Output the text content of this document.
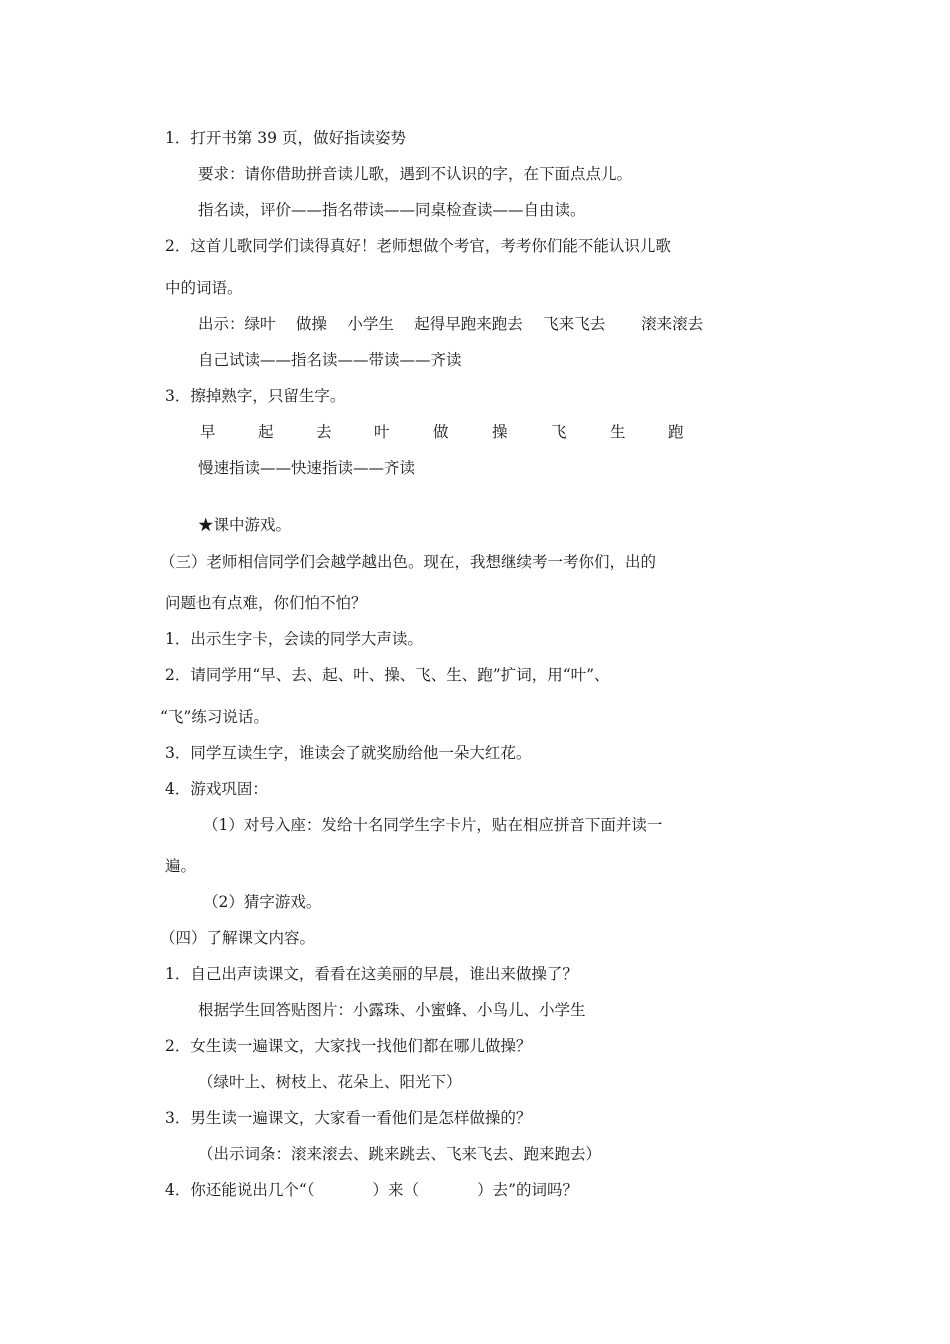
1．打开书第 39 页，做好指读姿势
要求：请你借助拼音读儿歌，遇到不认识的字，在下面点点儿。
指名读，评价——指名带读——同桌检查读——自由读。
2．这首儿歌同学们读得真好！老师想做个考官，考考你们能不能认识儿歌
中的词语。
出示：绿叶　 做操 　小学生　 起得早跑来跑去 　飞来飞去　 　滚来滚去
自己试读——指名读——带读——齐读
3．擦掉熟字，只留生字。
早	起	去	叶	做	操	飞	生	跑
慢速指读——快速指读——齐读
★课中游戏。
（三）老师相信同学们会越学越出色。现在，我想继续考一考你们，出的
问题也有点难，你们怕不怕？
1．出示生字卡，会读的同学大声读。
2．请同学用“早、去、起、叶、操、飞、生、跑”扩词，用“叶”、
“飞”练习说话。
3．同学互读生字，谁读会了就奖励给他一朵大红花。
4．游戏巩固：
（1）对号入座：发给十名同学生字卡片，贴在相应拼音下面并读一
遍。
（2）猜字游戏。
（四）了解课文内容。
1．自己出声读课文，看看在这美丽的早晨，谁出来做操了？
根据学生回答贴图片：小露珠、小蜜蜂、小鸟儿、小学生
2．女生读一遍课文，大家找一找他们都在哪儿做操？
（绿叶上、树枝上、花朵上、阳光下）
3．男生读一遍课文，大家看一看他们是怎样做操的？
（出示词条：滚来滚去、跳来跳去、飞来飞去、跑来跑去）
4．你还能说出几个“（	）来（	）去”的词吗？
